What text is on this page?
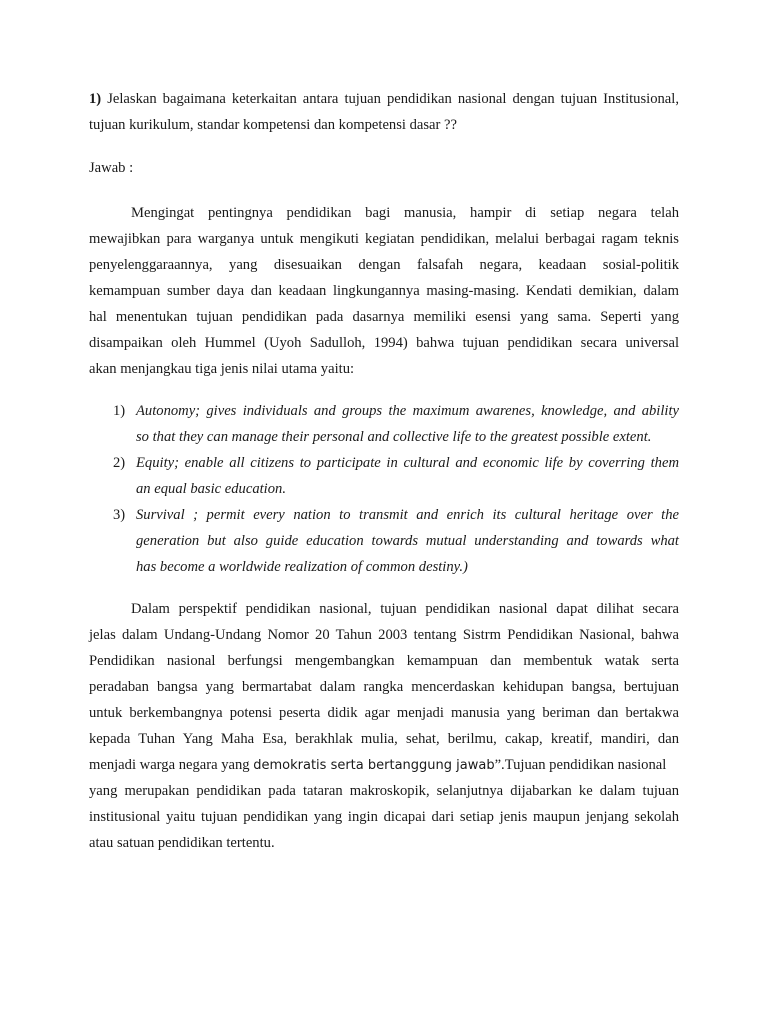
1) Jelaskan bagaimana keterkaitan antara tujuan pendidikan nasional dengan tujuan Institusional,
tujuan kurikulum, standar kompetensi dan kompetensi dasar ??
Jawab :
Mengingat pentingnya pendidikan bagi manusia, hampir di setiap negara telah
mewajibkan para warganya untuk mengikuti kegiatan pendidikan, melalui berbagai ragam teknis
penyelenggaraannya, yang disesuaikan dengan falsafah negara, keadaan sosial-politik
kemampuan sumber daya dan keadaan lingkungannya masing-masing. Kendati demikian, dalam
hal menentukan tujuan pendidikan pada dasarnya memiliki esensi yang sama. Seperti yang
disampaikan oleh Hummel (Uyoh Sadulloh, 1994) bahwa tujuan pendidikan secara universal
akan menjangkau tiga jenis nilai utama yaitu:
1) Autonomy; gives individuals and groups the maximum awarenes, knowledge, and ability
so that they can manage their personal and collective life to the greatest possible extent.
2) Equity; enable all citizens to participate in cultural and economic life by coverring them
an equal basic education.
3) Survival ; permit every nation to transmit and enrich its cultural heritage over the
generation but also guide education towards mutual understanding and towards what
has become a worldwide realization of common destiny.)
Dalam perspektif pendidikan nasional, tujuan pendidikan nasional dapat dilihat secara
jelas dalam Undang-Undang Nomor 20 Tahun 2003 tentang Sistrm Pendidikan Nasional, bahwa
Pendidikan nasional berfungsi mengembangkan kemampuan dan membentuk watak serta
peradaban bangsa yang bermartabat dalam rangka mencerdaskan kehidupan bangsa, bertujuan
untuk berkembangnya potensi peserta didik agar menjadi manusia yang beriman dan bertakwa
kepada Tuhan Yang Maha Esa, berakhlak mulia, sehat, berilmu, cakap, kreatif, mandiri, dan
menjadi warga negara yang demokratis serta bertanggung jawab”.Tujuan pendidikan nasional
yang merupakan pendidikan pada tataran makroskopik, selanjutnya dijabarkan ke dalam tujuan
institusional yaitu tujuan pendidikan yang ingin dicapai dari setiap jenis maupun jenjang sekolah
atau satuan pendidikan tertentu.
